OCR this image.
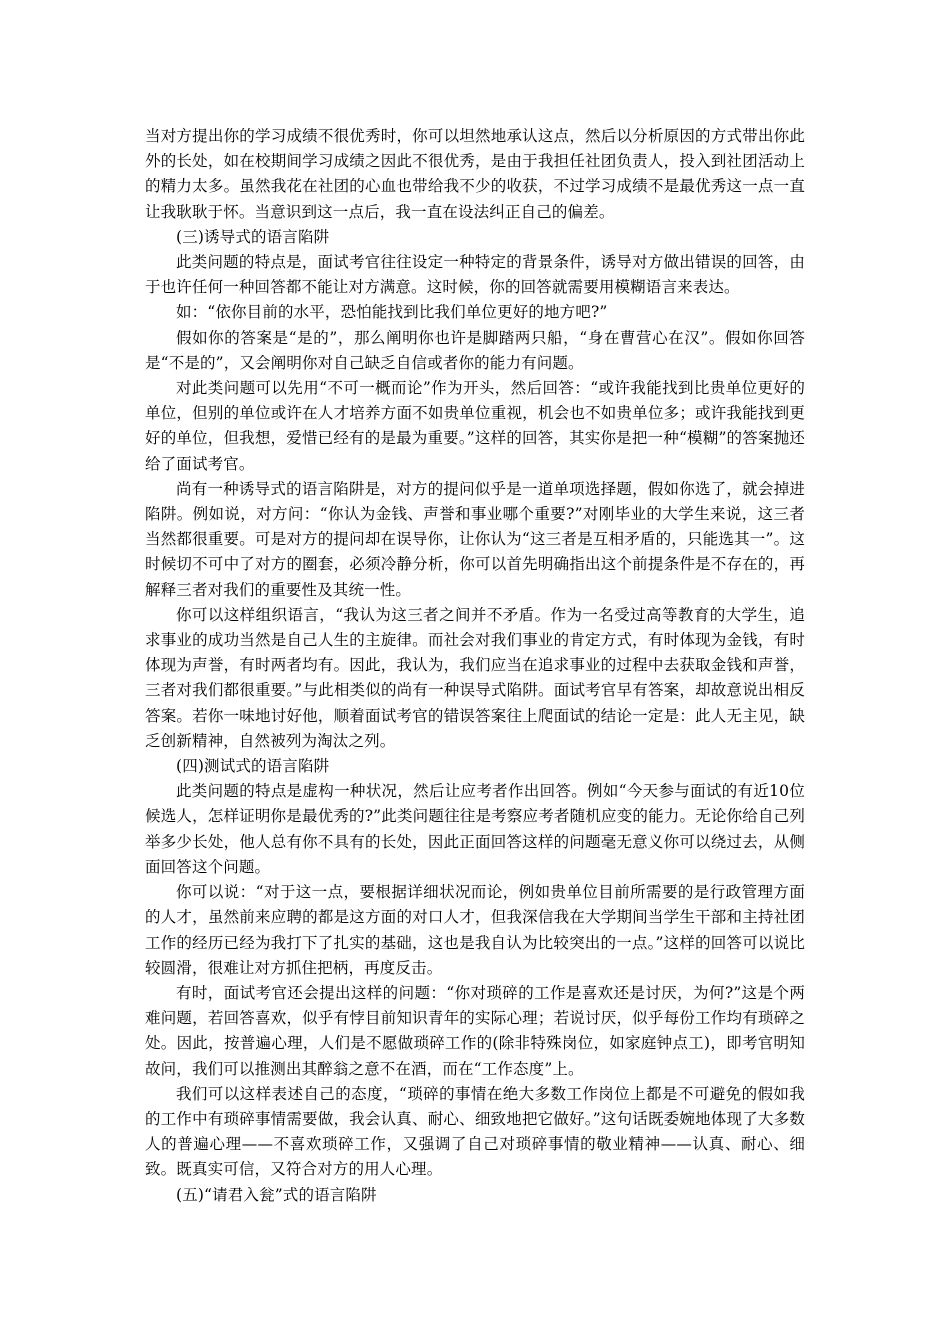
当对方提出你的学习成绩不很优秀时，你可以坦然地承认这点，然后以分析原因的方式带出你此外的长处，如在校期间学习成绩之因此不很优秀，是由于我担任社团负责人，投入到社团活动上的精力太多。虽然我花在社团的心血也带给我不少的收获，不过学习成绩不是最优秀这一点一直让我耿耿于怀。当意识到这一点后，我一直在设法纠正自己的偏差。

(三)诱导式的语言陷阱

此类问题的特点是，面试考官往往设定一种特定的背景条件，诱导对方做出错误的回答，由于也许任何一种回答都不能让对方满意。这时候，你的回答就需要用模糊语言来表达。

如：“依你目前的水平，恐怕能找到比我们单位更好的地方吧?”

假如你的答案是“是的”，那么阐明你也许是脚踏两只船，“身在曹营心在汉”。假如你回答是“不是的”，又会阐明你对自己缺乏自信或者你的能力有问题。

对此类问题可以先用“不可一概而论”作为开头，然后回答：“或许我能找到比贵单位更好的单位，但别的单位或许在人才培养方面不如贵单位重视，机会也不如贵单位多；或许我能找到更好的单位，但我想，爱惜已经有的是最为重要。”这样的回答，其实你是把一种“模糊”的答案抛还给了面试考官。

尚有一种诱导式的语言陷阱是，对方的提问似乎是一道单项选择题，假如你选了，就会掉进陷阱。例如说，对方问：“你认为金钱、声誉和事业哪个重要?”对刚毕业的大学生来说，这三者当然都很重要。可是对方的提问却在误导你，让你认为“这三者是互相矛盾的，只能选其一”。这时候切不可中了对方的圈套，必须冷静分析，你可以首先明确指出这个前提条件是不存在的，再解释三者对我们的重要性及其统一性。

你可以这样组织语言，“我认为这三者之间并不矛盾。作为一名受过高等教育的大学生，追求事业的成功当然是自己人生的主旋律。而社会对我们事业的肯定方式，有时体现为金钱，有时体现为声誉，有时两者均有。因此，我认为，我们应当在追求事业的过程中去获取金钱和声誉，三者对我们都很重要。”与此相类似的尚有一种误导式陷阱。面试考官早有答案，却故意说出相反答案。若你一味地讨好他，顺着面试考官的错误答案往上爬面试的结论一定是：此人无主见，缺乏创新精神，自然被列为淘汰之列。

(四)测试式的语言陷阱

此类问题的特点是虚构一种状况，然后让应考者作出回答。例如“今天参与面试的有近10位候选人，怎样证明你是最优秀的?”此类问题往往是考察应考者随机应变的能力。无论你给自己列举多少长处，他人总有你不具有的长处，因此正面回答这样的问题毫无意义你可以绕过去，从侧面回答这个问题。

你可以说：“对于这一点，要根据详细状况而论，例如贵单位目前所需要的是行政管理方面的人才，虽然前来应聘的都是这方面的对口人才，但我深信我在大学期间当学生干部和主持社团工作的经历已经为我打下了扎实的基础，这也是我自认为比较突出的一点。”这样的回答可以说比较圆滑，很难让对方抓住把柄，再度反击。

有时，面试考官还会提出这样的问题：“你对琐碎的工作是喜欢还是讨厌，为何?”这是个两难问题，若回答喜欢，似乎有悖目前知识青年的实际心理；若说讨厌，似乎每份工作均有琐碎之处。因此，按普遍心理，人们是不愿做琐碎工作的(除非特殊岗位，如家庭钟点工)，即考官明知故问，我们可以推测出其醉翁之意不在酒，而在“工作态度”上。

我们可以这样表述自己的态度，“琐碎的事情在绝大多数工作岗位上都是不可避免的假如我的工作中有琐碎事情需要做，我会认真、耐心、细致地把它做好。”这句话既委婉地体现了大多数人的普遍心理——不喜欢琐碎工作，又强调了自己对琐碎事情的敬业精神——认真、耐心、细致。既真实可信，又符合对方的用人心理。

(五)“请君入瓮”式的语言陷阱
